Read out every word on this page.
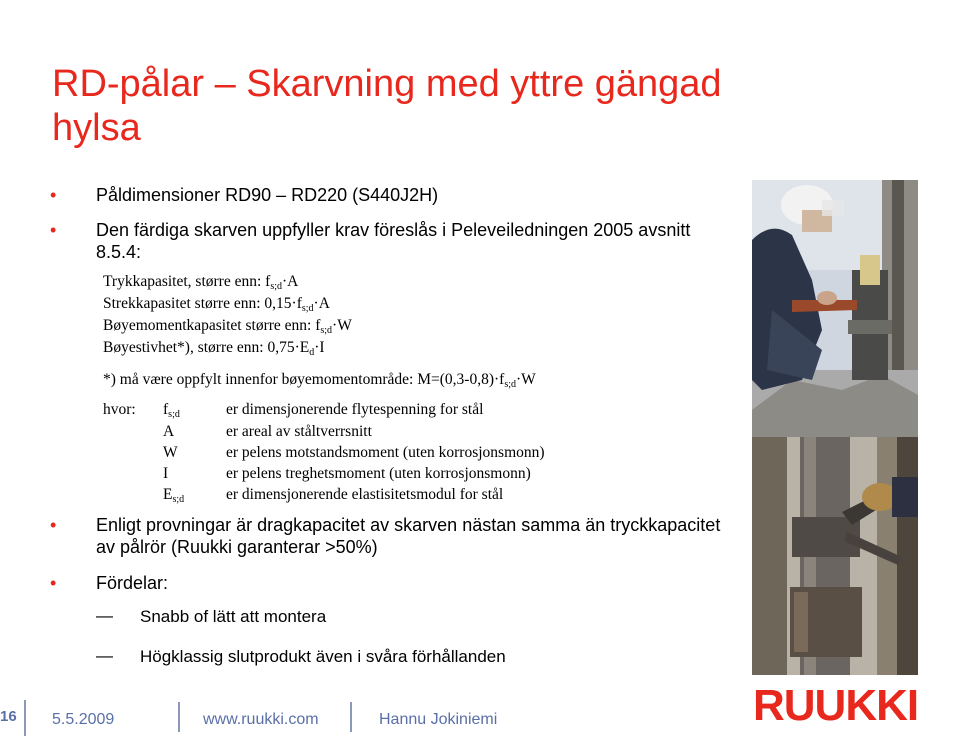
RD-pålar – Skarvning med yttre gängad hylsa
• Påldimensioner RD90 – RD220 (S440J2H)
• Den färdiga skarven uppfyller krav föreslås i Peleveiledningen 2005 avsnitt 8.5.4:
Trykkapasitet, større enn: $f_{s;d}\cdot A$
Strekkapasitet større enn: $0,15\cdot f_{s;d}\cdot A$
Bøyemomentkapasitet større enn: $f_{s;d}\cdot W$
Bøyestivhet*), større enn: $0,75\cdot E_d\cdot I$
*) må være oppfylt innenfor bøyemomentområde: $M=(0,3-0,8)\cdot f_{s;d}\cdot W$
hvor: $f_{s;d}$	er dimensjonerende flytespenning for stål
A	er areal av ståltverrsnitt
W	er pelens motstandsmoment (uten korrosjonsmonn)
I	er pelens treghetsmoment (uten korrosjonsmonn)
$E_{s;d}$	er dimensjonerende elastisitetsmodul for stål
• Enligt provningar är dragkapacitet av skarven nästan samma än tryckkapacitet av pålrör (Ruukki garanterar >50%)
• Fördelar:
— Snabb of lätt att montera
— Högklassig slutprodukt även i svåra förhållanden
16	5.5.2009	www.ruukki.com	Hannu Jokiniemi	RUUKKI
